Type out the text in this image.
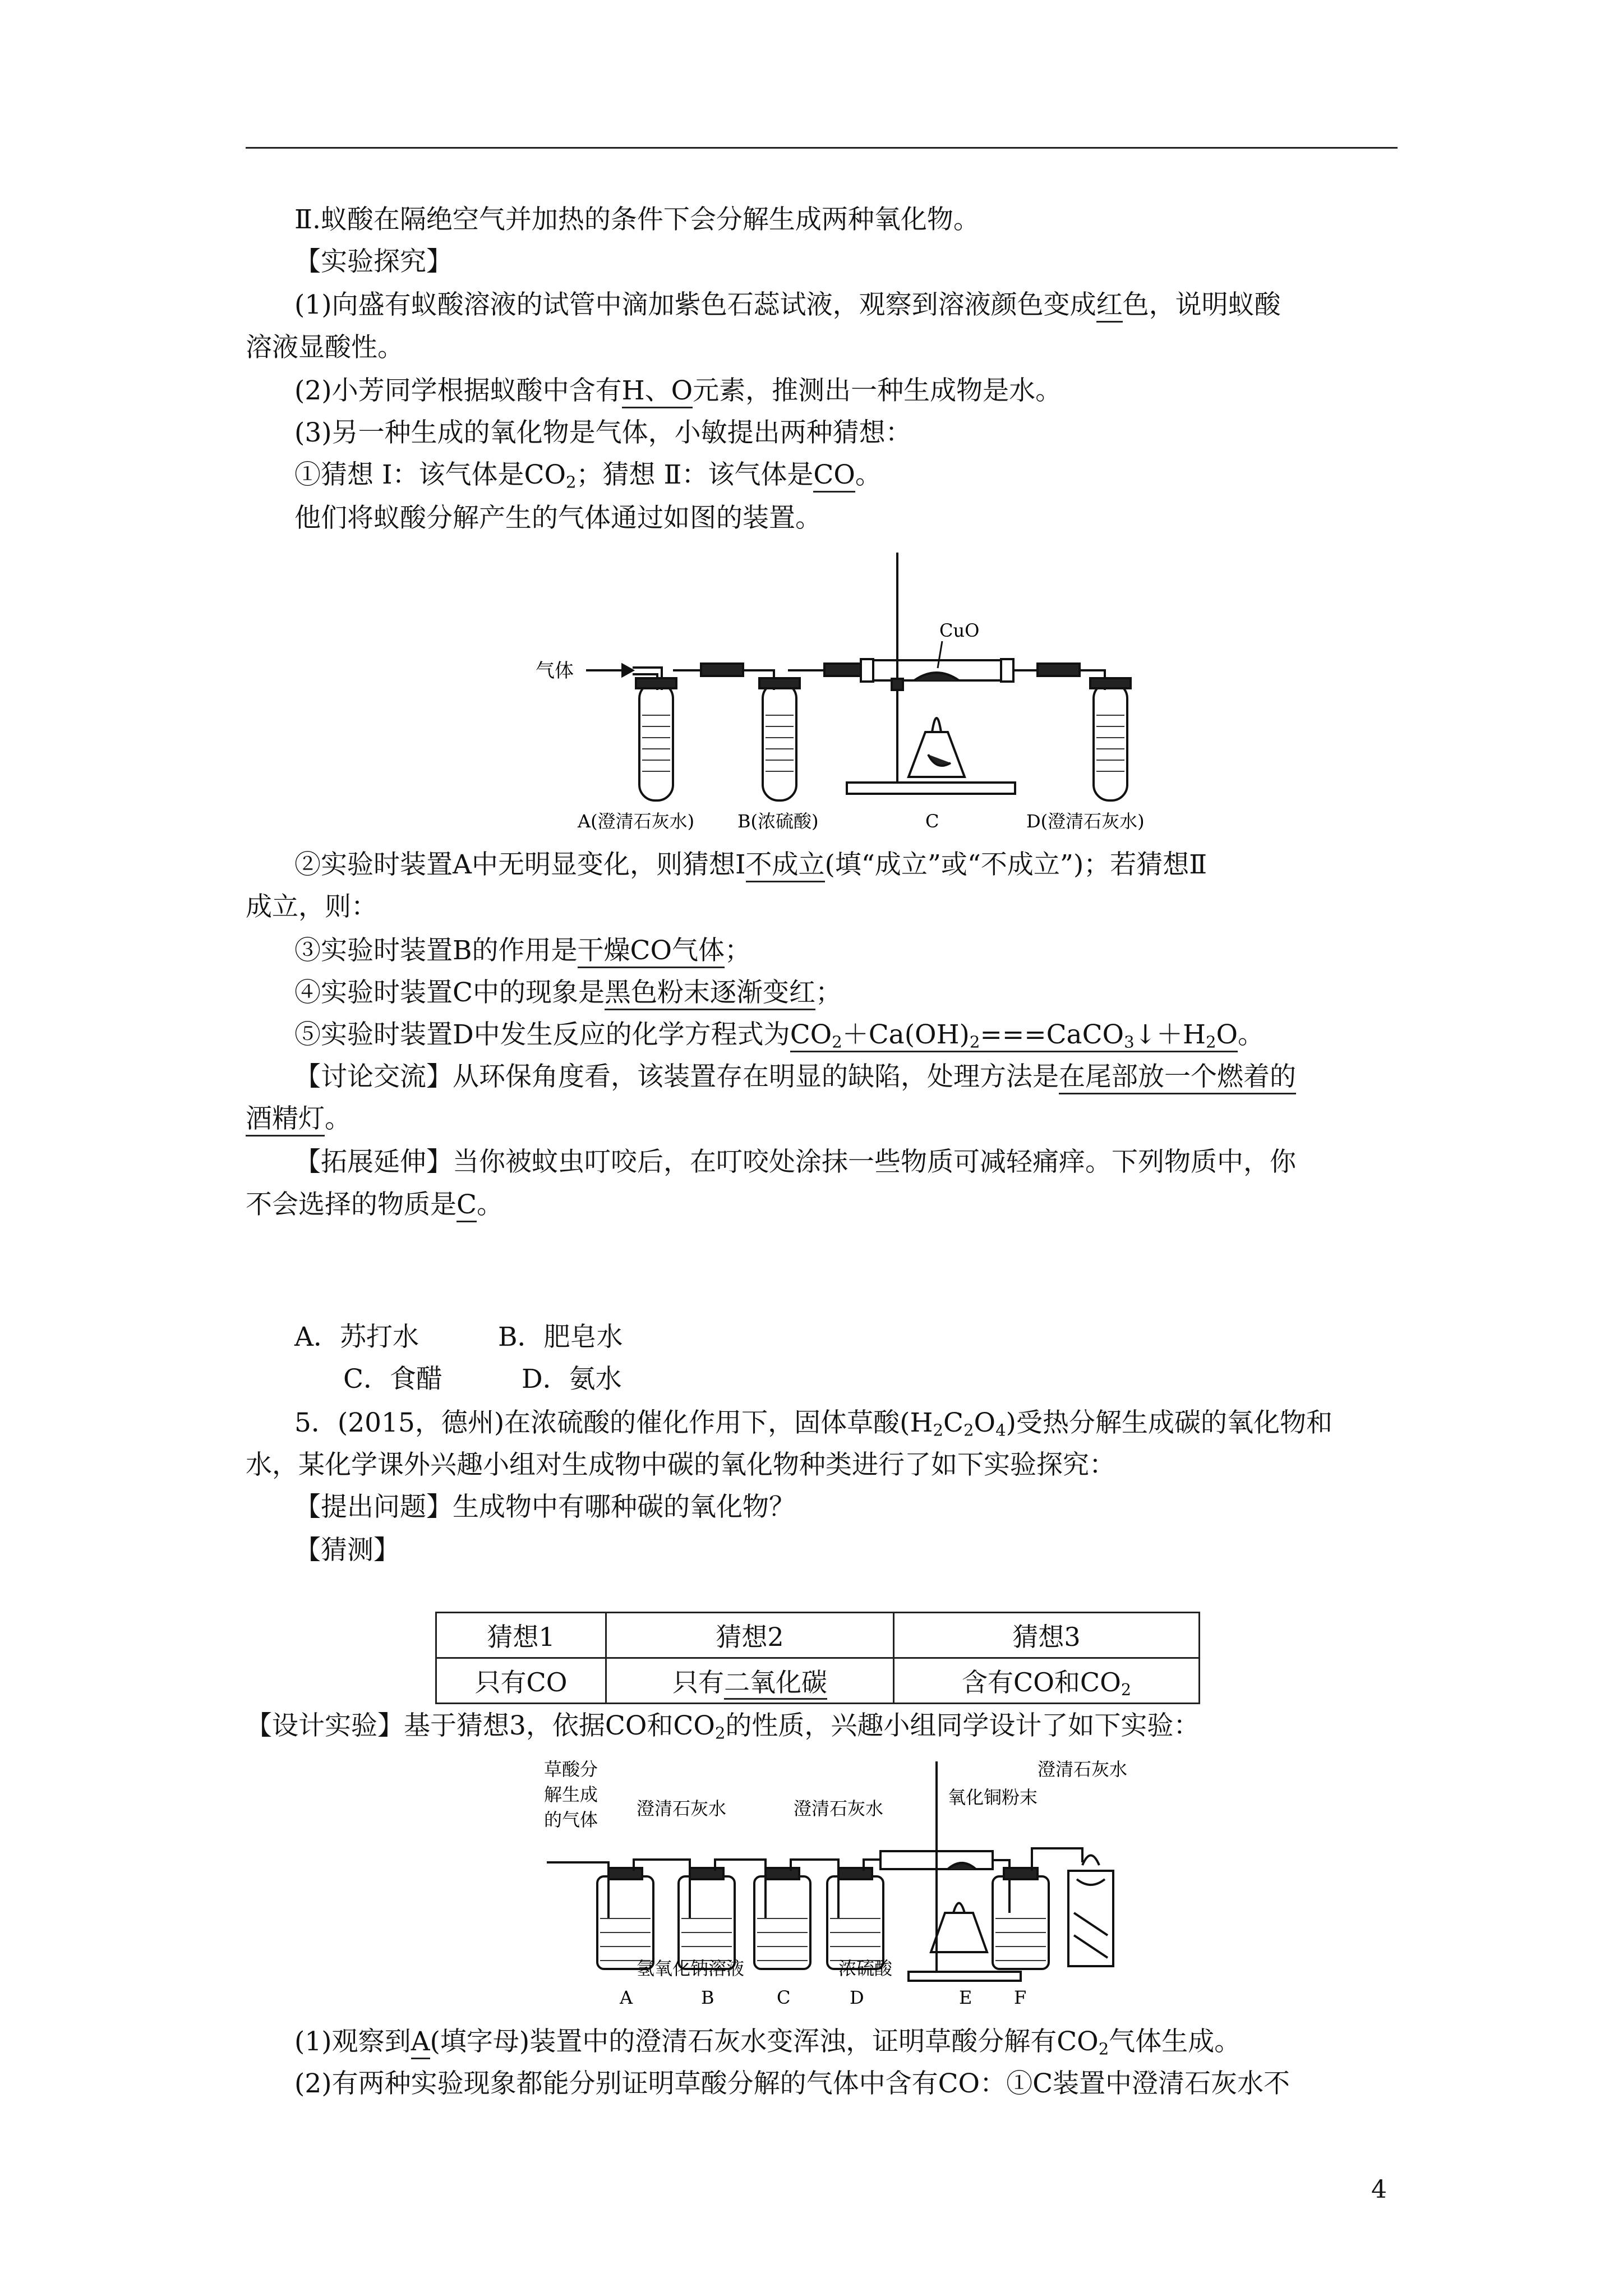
Ⅱ.蚁酸在隔绝空气并加热的条件下会分解生成两种氧化物。
【实验探究】
(1)向盛有蚁酸溶液的试管中滴加紫色石蕊试液，观察到溶液颜色变成红色，说明蚁酸
溶液显酸性。
(2)小芳同学根据蚁酸中含有H、O元素，推测出一种生成物是水。
(3)另一种生成的氧化物是气体，小敏提出两种猜想：
①猜想 Ⅰ：该气体是$CO_2$；猜想 Ⅱ：该气体是CO。
他们将蚁酸分解产生的气体通过如图的装置。
气体
CuO
A(澄清石灰水) B(浓硫酸)	C	D(澄清石灰水)
②实验时装置A中无明显变化，则猜想Ⅰ不成立(填“成立”或“不成立”)；若猜想Ⅱ
成立，则：
③实验时装置B的作用是干燥CO气体；
④实验时装置C中的现象是黑色粉末逐渐变红；
⑤实验时装置D中发生反应的化学方程式为$CO_2+Ca(OH)_2===CaCO_3↓+H_2O$。
【讨论交流】从环保角度看，该装置存在明显的缺陷，处理方法是在尾部放一个燃着的
酒精灯。
【拓展延伸】当你被蚊虫叮咬后，在叮咬处涂抹一些物质可减轻痛痒。下列物质中，你
不会选择的物质是C。
A．苏打水　　　B．肥皂水
C．食醋　　　D．氨水
5．(2015，德州)在浓硫酸的催化作用下，固体草酸$(H_2C_2O_4)$受热分解生成碳的氧化物和
水，某化学课外兴趣小组对生成物中碳的氧化物种类进行了如下实验探究：
【提出问题】生成物中有哪种碳的氧化物？
【猜测】
猜想1	猜想2	猜想3
只有CO	只有二氧化碳	含有CO和$CO_2$
【设计实验】基于猜想3，依据CO和$CO_2$的性质，兴趣小组同学设计了如下实验：
草酸分
解生成
的气体
澄清石灰水	澄清石灰水
氧化铜粉末
澄清石灰水
氢氧化钠溶液	浓硫酸
A	B	C	D	E F
(1)观察到A(填字母)装置中的澄清石灰水变浑浊，证明草酸分解有$CO_2$气体生成。
(2)有两种实验现象都能分别证明草酸分解的气体中含有CO：①C装置中澄清石灰水不
4
